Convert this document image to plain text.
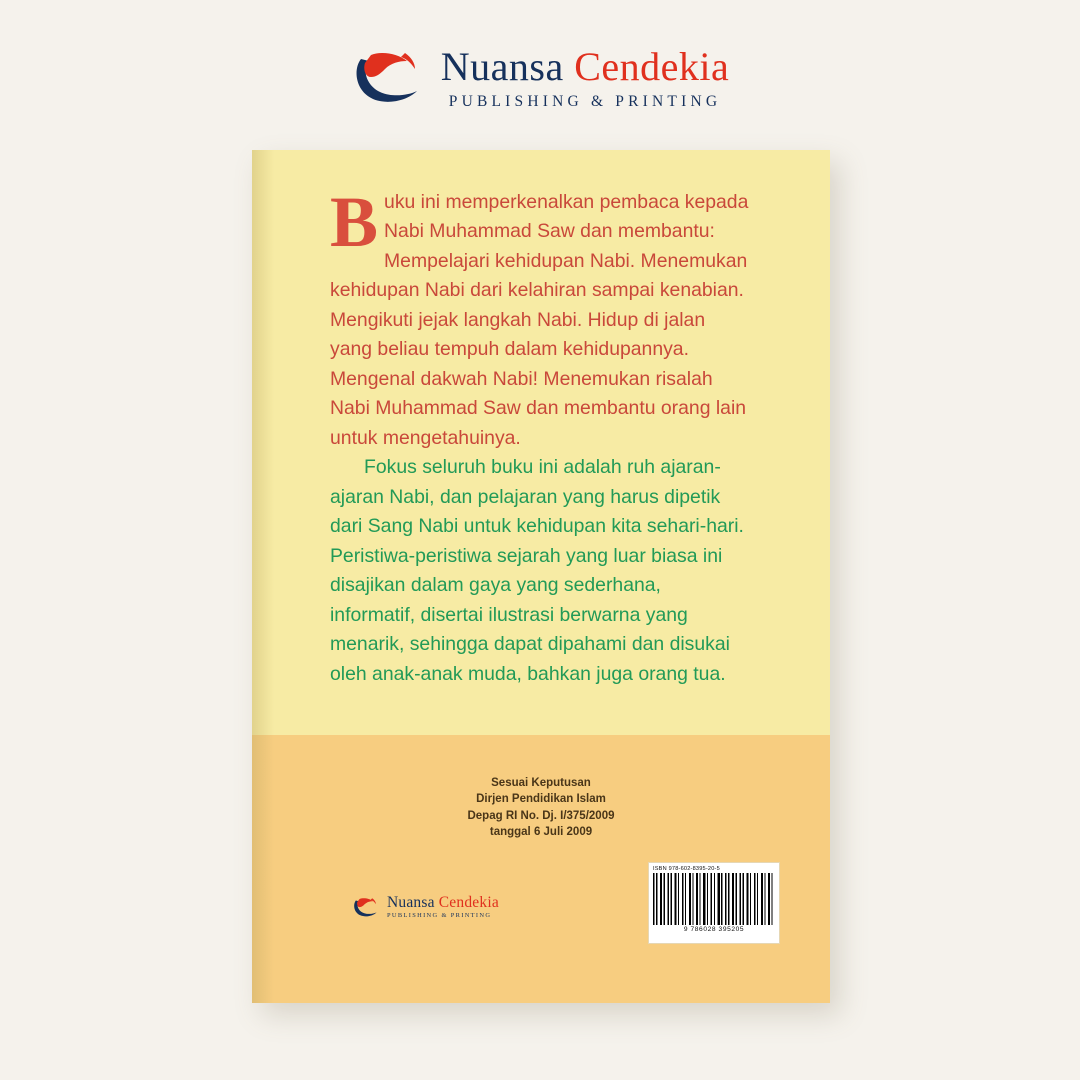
Nuansa Cendekia
PUBLISHING & PRINTING

Buku ini memperkenalkan pembaca kepada Nabi Muhammad Saw dan membantu: Mempelajari kehidupan Nabi. Menemukan kehidupan Nabi dari kelahiran sampai kenabian. Mengikuti jejak langkah Nabi. Hidup di jalan yang beliau tempuh dalam kehidupannya. Mengenal dakwah Nabi! Menemukan risalah Nabi Muhammad Saw dan membantu orang lain untuk mengetahuinya.

Fokus seluruh buku ini adalah ruh ajaran-ajaran Nabi, dan pelajaran yang harus dipetik dari Sang Nabi untuk kehidupan kita sehari-hari. Peristiwa-peristiwa sejarah yang luar biasa ini disajikan dalam gaya yang sederhana, informatif, disertai ilustrasi berwarna yang menarik, sehingga dapat dipahami dan disukai oleh anak-anak muda, bahkan juga orang tua.

Sesuai Keputusan
Dirjen Pendidikan Islam
Depag RI No. Dj. I/375/2009
tanggal 6 Juli 2009
Nuansa Cendekia
PUBLISHING & PRINTING
ISBN 978-602-8395-20-5
9 786028 395205
